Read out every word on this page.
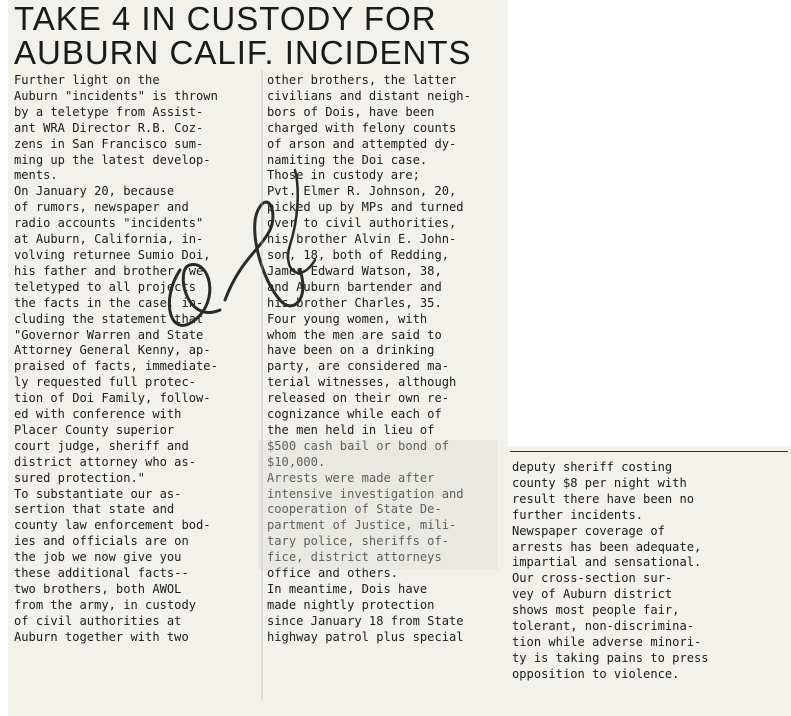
TAKE 4 IN CUSTODY FOR
AUBURN CALIF. INCIDENTS
Further light on the
Auburn "incidents" is thrown
by a teletype from Assist-
ant WRA Director R.B. Coz-
zens in San Francisco sum-
ming up the latest develop-
ments.
On January 20, because
of rumors, newspaper and
radio accounts "incidents"
at Auburn, California, in-
volving returnee Sumio Doi,
his father and brother, we
teletyped to all projects
the facts in the case, in-
cluding the statement that
"Governor Warren and State
Attorney General Kenny, ap-
praised of facts, immediate-
ly requested full protec-
tion of Doi Family, follow-
ed with conference with
Placer County superior
court judge, sheriff and
district attorney who as-
sured protection."
To substantiate our as-
sertion that state and
county law enforcement bod-
ies and officials are on
the job we now give you
these additional facts--
two brothers, both AWOL
from the army, in custody
of civil authorities at
Auburn together with two
other brothers, the latter
civilians and distant neigh-
bors of Dois, have been
charged with felony counts
of arson and attempted dy-
namiting the Doi case.
Those in custody are;
Pvt. Elmer R. Johnson, 20,
picked up by MPs and turned
over to civil authorities,
his brother Alvin E. John-
son, 18, both of Redding,
James Edward Watson, 38,
and Auburn bartender and
his brother Charles, 35.
Four young women, with
whom the men are said to
have been on a drinking
party, are considered ma-
terial witnesses, although
released on their own re-
cognizance while each of
the men held in lieu of
$500 cash bail or bond of
$10,000.
Arrests were made after
intensive investigation and
cooperation of State De-
partment of Justice, mili-
tary police, sheriffs of-
fice, district attorneys
office and others.
In meantime, Dois have
made nightly protection
since January 18 from State
highway patrol plus special
deputy sheriff costing
county $8 per night with
result there have been no
further incidents.
Newspaper coverage of
arrests has been adequate,
impartial and sensational.
Our cross-section sur-
vey of Auburn district
shows most people fair,
tolerant, non-discrimina-
tion while adverse minori-
ty is taking pains to press
opposition to violence.
